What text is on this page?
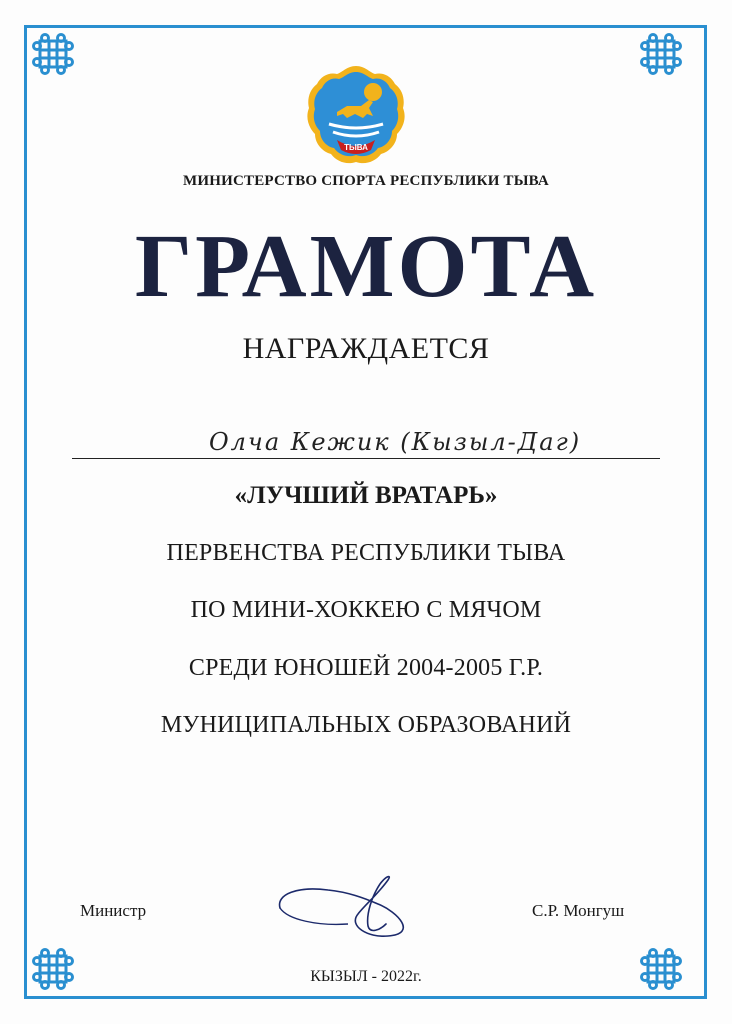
ТЫВА
МИНИСТЕРСТВО СПОРТА РЕСПУБЛИКИ ТЫВА
ГРАМОТА
НАГРАЖДАЕТСЯ
Олча Кежик (Кызыл-Даг)
«ЛУЧШИЙ ВРАТАРЬ»
ПЕРВЕНСТВА РЕСПУБЛИКИ ТЫВА
ПО МИНИ-ХОККЕЮ С МЯЧОМ
СРЕДИ ЮНОШЕЙ 2004-2005 Г.Р.
МУНИЦИПАЛЬНЫХ ОБРАЗОВАНИЙ
Министр	С.Р. Монгуш
КЫЗЫЛ - 2022г.
